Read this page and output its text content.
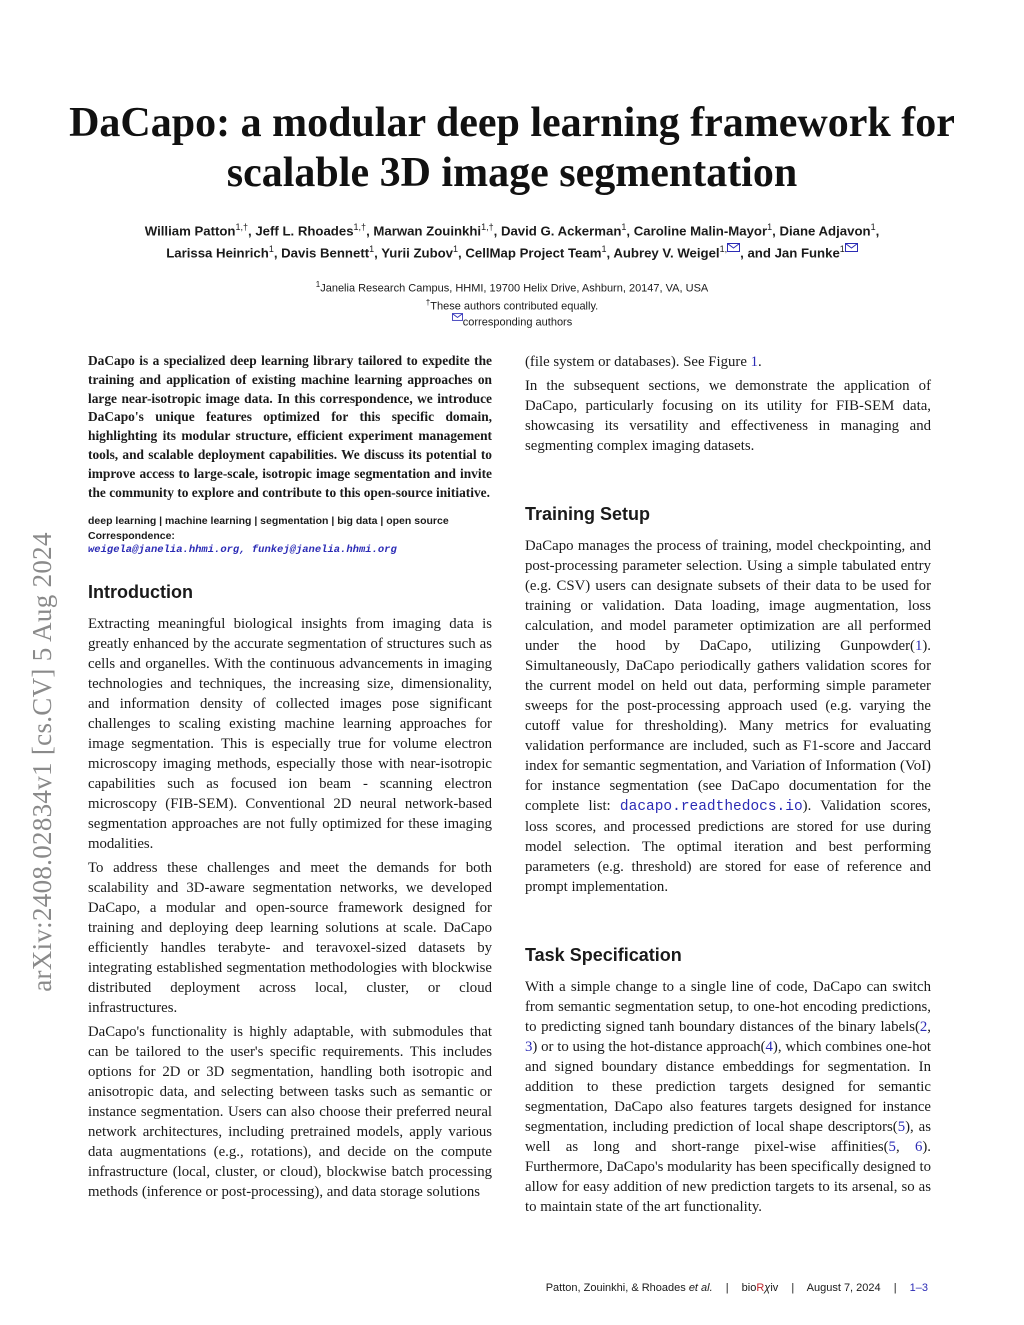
arXiv:2408.02834v1 [cs.CV] 5 Aug 2024
DaCapo: a modular deep learning framework for scalable 3D image segmentation
William Patton$^{1,\dagger}$, Jeff L. Rhoades$^{1,\dagger}$, Marwan Zouinkhi$^{1,\dagger}$, David G. Ackerman$^1$, Caroline Malin-Mayor$^1$, Diane Adjavon$^1$,
Larissa Heinrich$^1$, Davis Bennett$^1$, Yurii Zubov$^1$, CellMap Project Team$^1$, Aubrey V. Weigel$^{1,}$ , and Jan Funke$^1$
$^1$Janelia Research Campus, HHMI, 19700 Helix Drive, Ashburn, 20147, VA, USA
†These authors contributed equally.
corresponding authors

DaCapo is a specialized deep learning library tailored to expedite the training and application of existing machine learning approaches on large near-isotropic image data. In this correspondence, we introduce DaCapo's unique features optimized for this specific domain, highlighting its modular structure, efficient experiment management tools, and scalable deployment capabilities. We discuss its potential to improve access to large-scale, isotropic image segmentation and invite the community to explore and contribute to this open-source initiative.

deep learning | machine learning | segmentation | big data | open source

Correspondence:

weigela@janelia.hhmi.org, funkej@janelia.hhmi.org

Introduction

Extracting meaningful biological insights from imaging data is greatly enhanced by the accurate segmentation of structures such as cells and organelles. With the continuous advancements in imaging technologies and techniques, the increasing size, dimensionality, and information density of collected images pose significant challenges to scaling existing machine learning approaches for image segmentation. This is especially true for volume electron microscopy imaging methods, especially those with near-isotropic capabilities such as focused ion beam - scanning electron microscopy (FIB-SEM). Conventional 2D neural network-based segmentation approaches are not fully optimized for these imaging modalities.

To address these challenges and meet the demands for both scalability and 3D-aware segmentation networks, we developed DaCapo, a modular and open-source framework designed for training and deploying deep learning solutions at scale. DaCapo efficiently handles terabyte- and teravoxel-sized datasets by integrating established segmentation methodologies with blockwise distributed deployment across local, cluster, or cloud infrastructures.

DaCapo's functionality is highly adaptable, with submodules that can be tailored to the user's specific requirements. This includes options for 2D or 3D segmentation, handling both isotropic and anisotropic data, and selecting between tasks such as semantic or instance segmentation. Users can also choose their preferred neural network architectures, including pretrained models, apply various data augmentations (e.g., rotations), and decide on the compute infrastructure (local, cluster, or cloud), blockwise batch processing methods (inference or post-processing), and data storage solutions

(file system or databases). See Figure 1.

In the subsequent sections, we demonstrate the application of DaCapo, particularly focusing on its utility for FIB-SEM data, showcasing its versatility and effectiveness in managing and segmenting complex imaging datasets.

Training Setup

DaCapo manages the process of training, model checkpointing, and post-processing parameter selection. Using a simple tabulated entry (e.g. CSV) users can designate subsets of their data to be used for training or validation. Data loading, image augmentation, loss calculation, and model parameter optimization are all performed under the hood by DaCapo, utilizing Gunpowder(1). Simultaneously, DaCapo periodically gathers validation scores for the current model on held out data, performing simple parameter sweeps for the post-processing approach used (e.g. varying the cutoff value for thresholding). Many metrics for evaluating validation performance are included, such as F1-score and Jaccard index for semantic segmentation, and Variation of Information (VoI) for instance segmentation (see DaCapo documentation for the complete list: dacapo.readthedocs.io). Validation scores, loss scores, and processed predictions are stored for use during model selection. The optimal iteration and best performing parameters (e.g. threshold) are stored for ease of reference and prompt implementation.

Task Specification

With a simple change to a single line of code, DaCapo can switch from semantic segmentation setup, to one-hot encoding predictions, to predicting signed tanh boundary distances of the binary labels(2, 3) or to using the hot-distance approach(4), which combines one-hot and signed boundary distance embeddings for segmentation. In addition to these prediction targets designed for semantic segmentation, DaCapo also features targets designed for instance segmentation, including prediction of local shape descriptors(5), as well as long and short-range pixel-wise affinities(5, 6). Furthermore, DaCapo's modularity has been specifically designed to allow for easy addition of new prediction targets to its arsenal, so as to maintain state of the art functionality.

Patton, Zouinkhi, & Rhoades et al. | bioRχiv | August 7, 2024 | 1–3
